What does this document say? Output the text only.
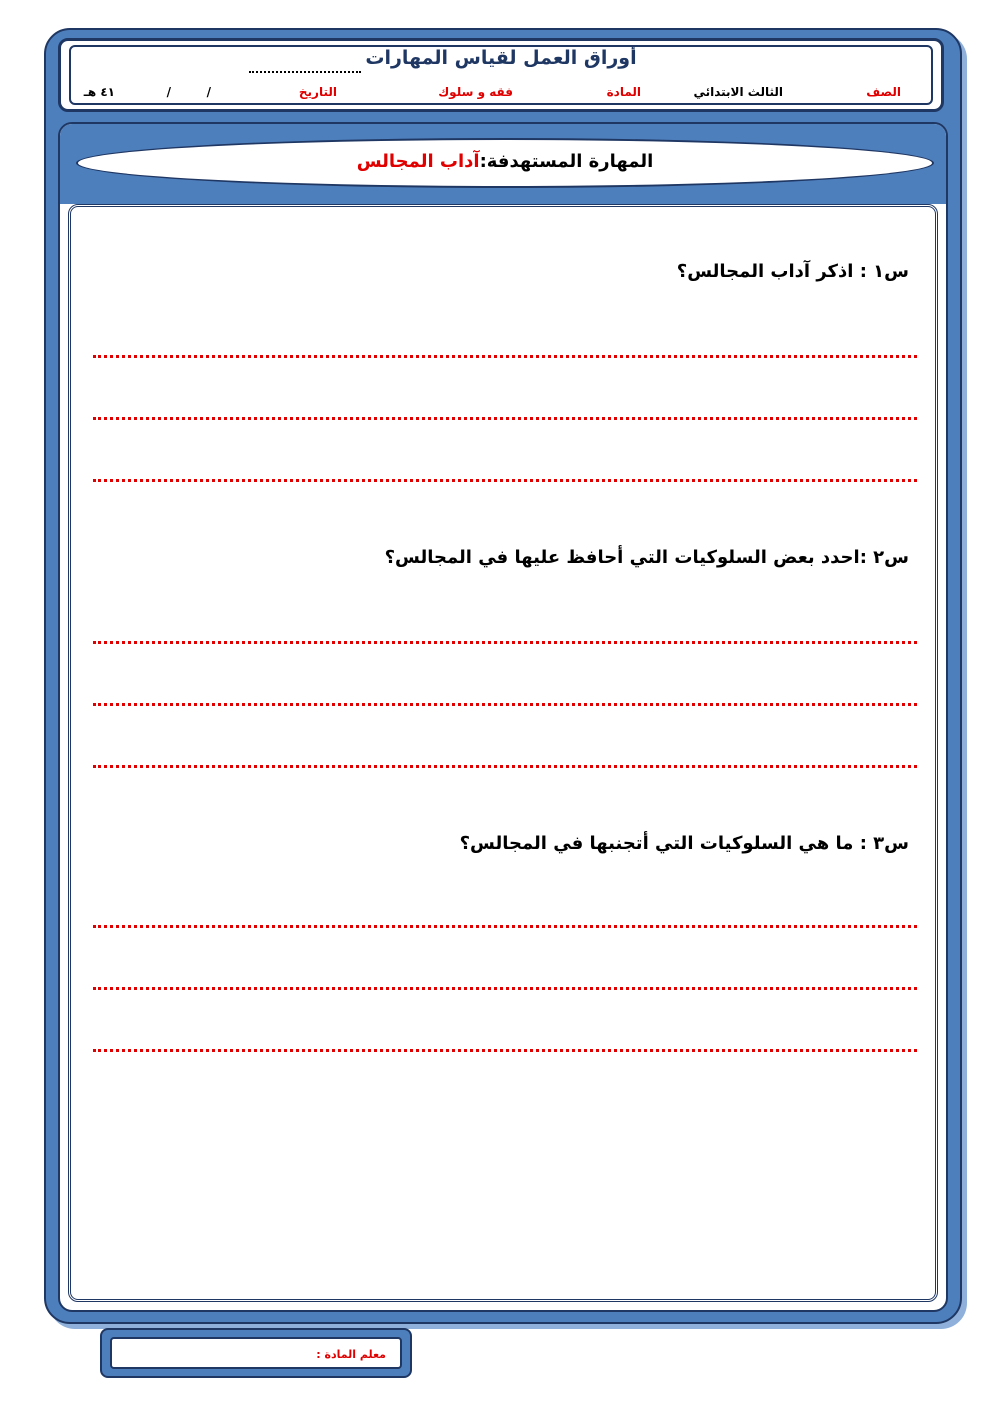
أوراق العمل لقياس المهارات
الصف
الثالث الابتدائي
المادة
فقه و سلوك
التاريخ
/
/
٤١ هـ
المهارة المستهدفة:آداب المجالس
س١ : اذكر آداب المجالس؟
س٢ :احدد بعض السلوكيات التي أحافظ عليها في المجالس؟
س٣ : ما هي السلوكيات التي أتجنبها في المجالس؟
معلم المادة :
